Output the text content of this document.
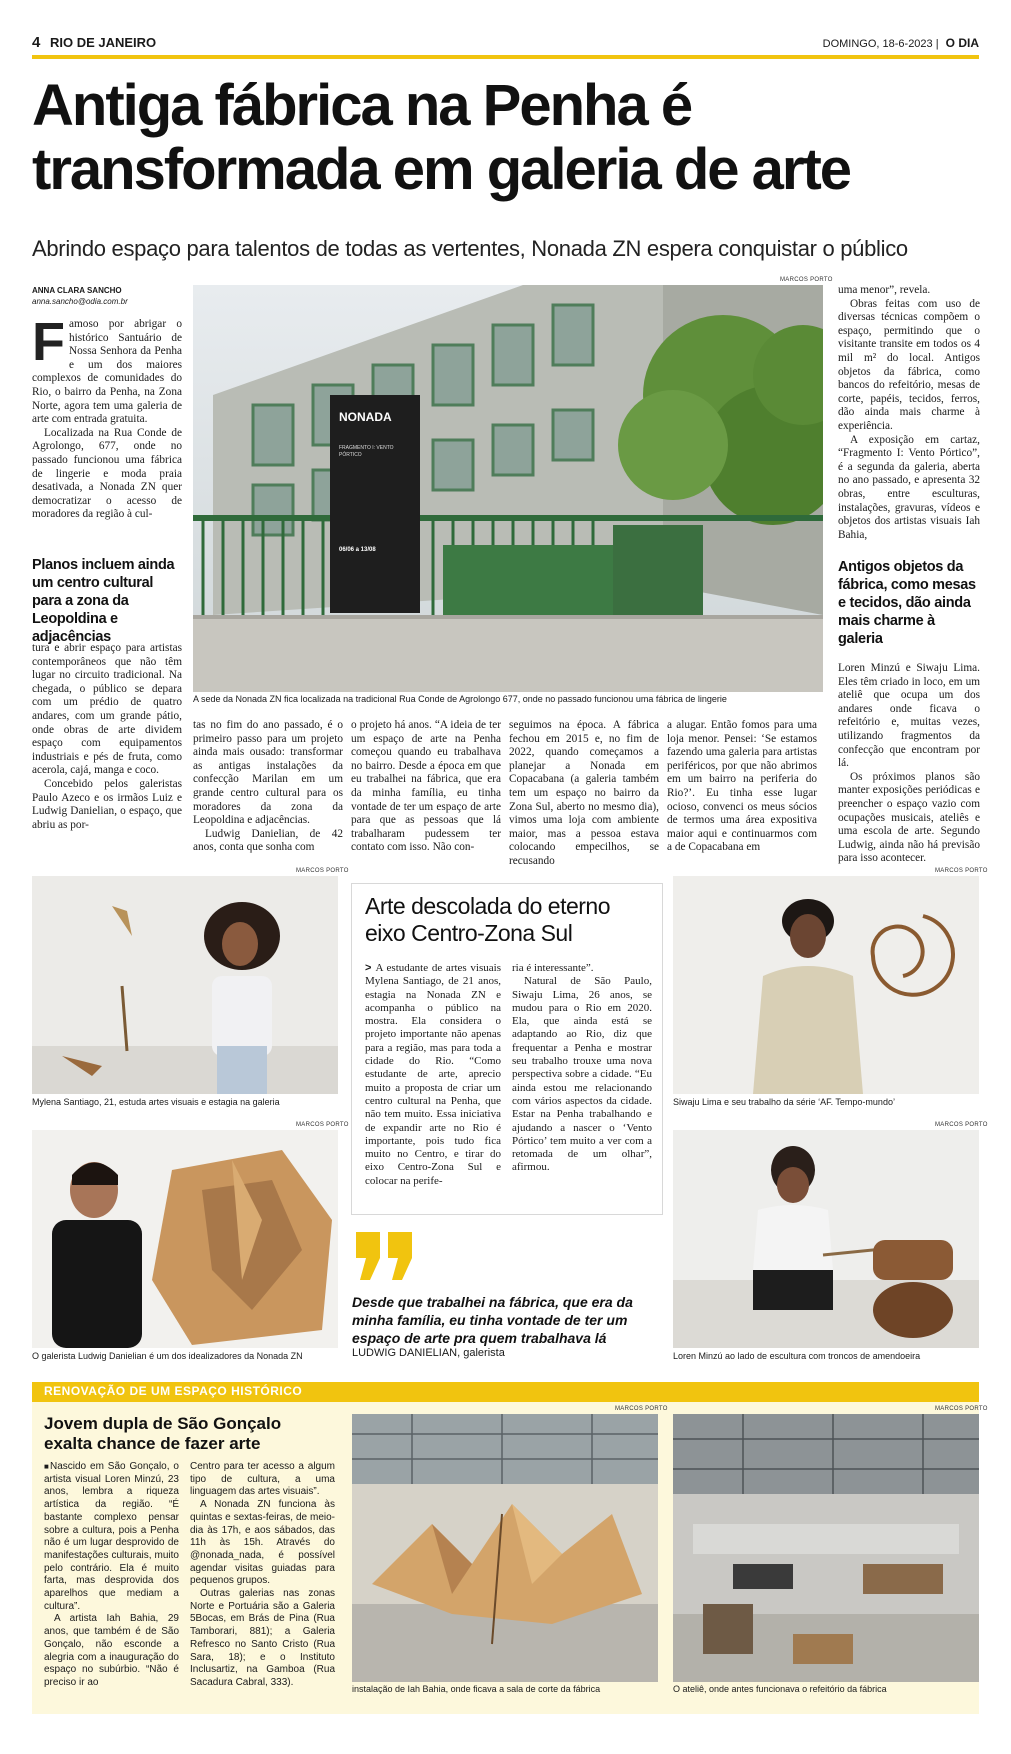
4 RIO DE JANEIRO	DOMINGO, 18-6-2023 | O DIA
Antiga fábrica na Penha é
transformada em galeria de arte
Abrindo espaço para talentos de todas as vertentes, Nonada ZN espera conquistar o público
ANNA CLARA SANCHO
anna.sancho@odia.com.br

Famoso por abrigar o histórico Santuário de Nossa Senhora da Penha e um dos maiores complexos de comunidades do Rio, o bairro da Penha, na Zona Norte, agora tem uma galeria de arte com entrada gratuita.

Localizada na Rua Conde de Agrolongo, 677, onde no passado funcionou uma fábrica de lingerie e moda praia desativada, a Nonada ZN quer democratizar o acesso de moradores da região à cul-

Planos incluem ainda um centro cultural para a zona da Leopoldina e adjacências

tura e abrir espaço para artistas contemporâneos que não têm lugar no circuito tradicional. Na chegada, o público se depara com um prédio de quatro andares, com um grande pátio, onde obras de arte dividem espaço com equipamentos industriais e pés de fruta, como acerola, cajá, manga e coco.

Concebido pelos galeristas Paulo Azeco e os irmãos Luiz e Ludwig Danielian, o espaço, que abriu as por-

MARCOS PORTO
NONADA
FRAGMENTO I: VENTO PÓRTICO
06/06 a 13/08
A sede da Nonada ZN fica localizada na tradicional Rua Conde de Agrolongo 677, onde no passado funcionou uma fábrica de lingerie

uma menor”, revela.

Obras feitas com uso de diversas técnicas compõem o espaço, permitindo que o visitante transite em todos os 4 mil m² do local. Antigos objetos da fábrica, como bancos do refeitório, mesas de corte, papéis, tecidos, ferros, dão ainda mais charme à experiência.

A exposição em cartaz, “Fragmento I: Vento Pórtico”, é a segunda da galeria, aberta no ano passado, e apresenta 32 obras, entre esculturas, instalações, gravuras, vídeos e objetos dos artistas visuais Iah Bahia,

Antigos objetos da fábrica, como mesas e tecidos, dão ainda mais charme à galeria

Loren Minzú e Siwaju Lima. Eles têm criado in loco, em um ateliê que ocupa um dos andares onde ficava o refeitório e, muitas vezes, utilizando fragmentos da confecção que encontram por lá.

Os próximos planos são manter exposições periódicas e preencher o espaço vazio com ocupações musicais, ateliês e uma escola de arte. Segundo Ludwig, ainda não há previsão para isso acontecer.

tas no fim do ano passado, é o primeiro passo para um projeto ainda mais ousado: transformar as antigas instalações da confecção Marilan em um grande centro cultural para os moradores da zona da Leopoldina e adjacências.

Ludwig Danielian, de 42 anos, conta que sonha com

o projeto há anos. “A ideia de ter um espaço de arte na Penha começou quando eu trabalhava no bairro. Desde a época em que eu trabalhei na fábrica, que era da minha família, eu tinha vontade de ter um espaço de arte para que as pessoas que lá trabalharam pudessem ter contato com isso. Não con-

seguimos na época. A fábrica fechou em 2015 e, no fim de 2022, quando começamos a planejar a Nonada em Copacabana (a galeria também tem um espaço no bairro da Zona Sul, aberto no mesmo dia), vimos uma loja com ambiente maior, mas a pessoa estava colocando empecilhos, se recusando

a alugar. Então fomos para uma loja menor. Pensei: ‘Se estamos fazendo uma galeria para artistas periféricos, por que não abrimos em um bairro na periferia do Rio?’. Eu tinha esse lugar ocioso, convenci os meus sócios de termos uma área expositiva maior aqui e continuarmos com a de Copacabana em

MARCOS PORTO
Mylena Santiago, 21, estuda artes visuais e estagia na galeria
MARCOS PORTO
O galerista Ludwig Danielian é um dos idealizadores da Nonada ZN
Arte descolada do eterno eixo Centro-Zona Sul

> A estudante de artes visuais Mylena Santiago, de 21 anos, estagia na Nonada ZN e acompanha o público na mostra. Ela considera o projeto importante não apenas para a região, mas para toda a cidade do Rio. “Como estudante de arte, aprecio muito a proposta de criar um centro cultural na Penha, que não tem muito. Essa iniciativa de expandir arte no Rio é importante, pois tudo fica muito no Centro, e tirar do eixo Centro-Zona Sul e colocar na perife-

ria é interessante”.

Natural de São Paulo, Siwaju Lima, 26 anos, se mudou para o Rio em 2020. Ela, que ainda está se adaptando ao Rio, diz que frequentar a Penha e mostrar seu trabalho trouxe uma nova perspectiva sobre a cidade. “Eu ainda estou me relacionando com vários aspectos da cidade. Estar na Penha trabalhando e ajudando a nascer o ‘Vento Pórtico’ tem muito a ver com a retomada de um olhar”, afirmou.

Desde que trabalhei na fábrica, que era da minha família, eu tinha vontade de ter um espaço de arte pra quem trabalhava lá
LUDWIG DANIELIAN, galerista
MARCOS PORTO
Siwaju Lima e seu trabalho da série ‘AF. Tempo-mundo’
MARCOS PORTO
Loren Minzú ao lado de escultura com troncos de amendoeira
RENOVAÇÃO DE UM ESPAÇO HISTÓRICO
Jovem dupla de São Gonçalo exalta chance de fazer arte

■Nascido em São Gonçalo, o artista visual Loren Minzú, 23 anos, lembra a riqueza artística da região. “É bastante complexo pensar sobre a cultura, pois a Penha não é um lugar desprovido de manifestações culturais, muito pelo contrário. Ela é muito farta, mas desprovida dos aparelhos que mediam a cultura”.

A artista Iah Bahia, 29 anos, que também é de São Gonçalo, não esconde a alegria com a inauguração do espaço no subúrbio. “Não é preciso ir ao

Centro para ter acesso a algum tipo de cultura, a uma linguagem das artes visuais”.

A Nonada ZN funciona às quintas e sextas-feiras, de meio-dia às 17h, e aos sábados, das 11h às 15h. Através do @nonada_nada, é possível agendar visitas guiadas para pequenos grupos.

Outras galerias nas zonas Norte e Portuária são a Galeria 5Bocas, em Brás de Pina (Rua Tamborari, 881); a Galeria Refresco no Santo Cristo (Rua Sara, 18); e o Instituto Inclusartiz, na Gamboa (Rua Sacadura Cabral, 333).

MARCOS PORTO
instalação de Iah Bahia, onde ficava a sala de corte da fábrica
MARCOS PORTO
O ateliê, onde antes funcionava o refeitório da fábrica
